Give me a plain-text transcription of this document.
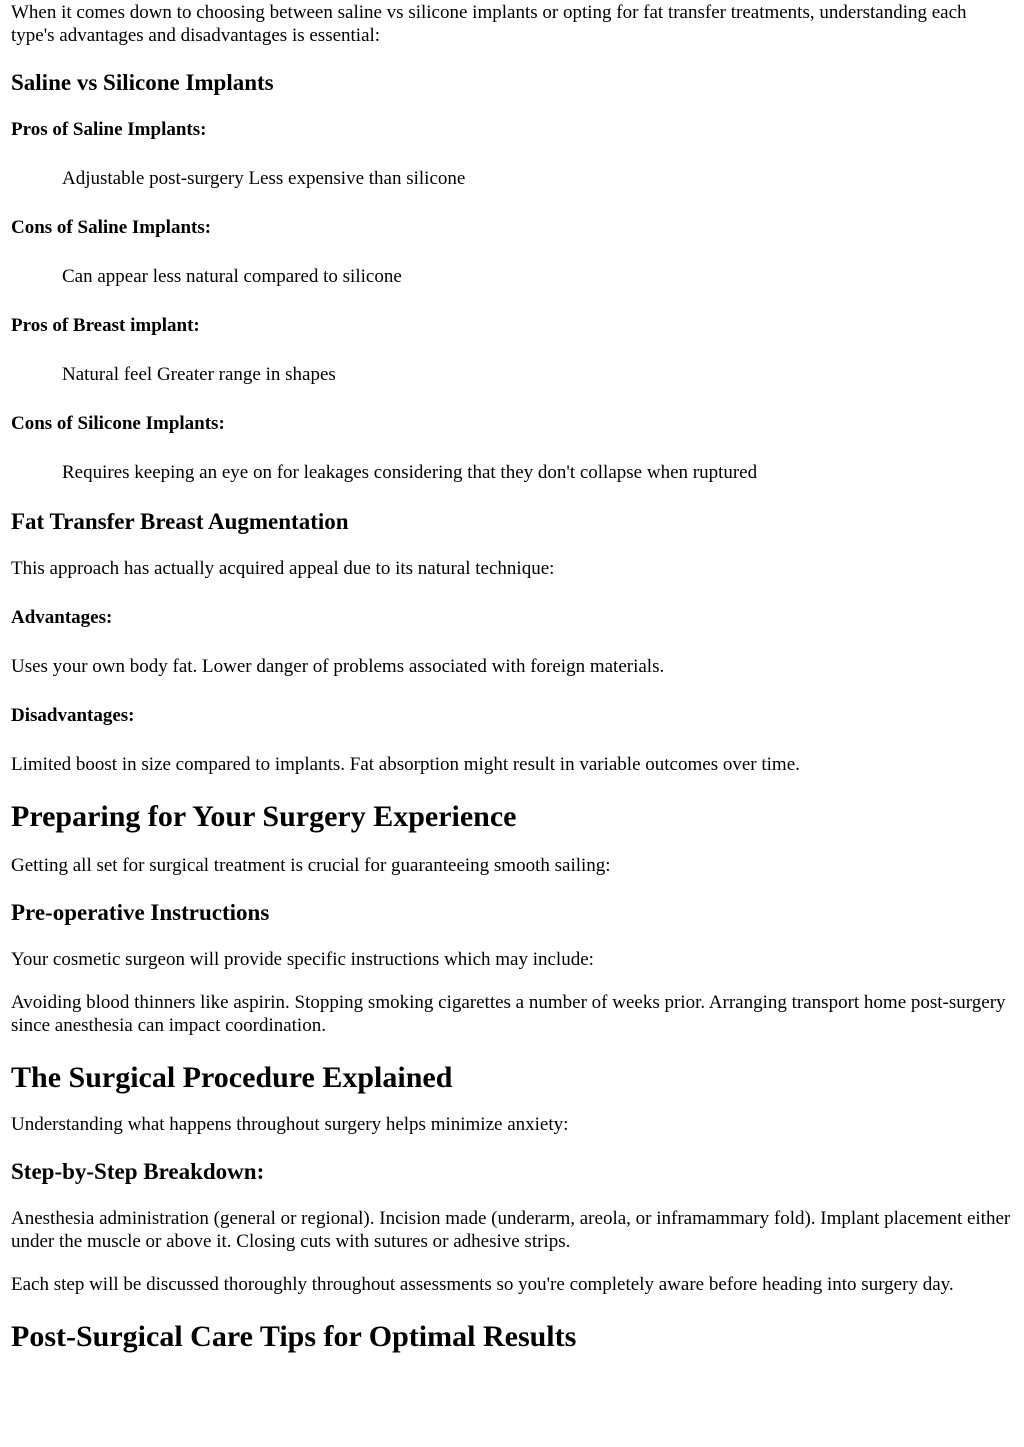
When it comes down to choosing between saline vs silicone implants or opting for fat transfer treatments, understanding each type's advantages and disadvantages is essential:

Saline vs Silicone Implants
Pros of Saline Implants:
Adjustable post-surgery Less expensive than silicone
Cons of Saline Implants:
Can appear less natural compared to silicone
Pros of Breast implant:
Natural feel Greater range in shapes
Cons of Silicone Implants:
Requires keeping an eye on for leakages considering that they don't collapse when ruptured
Fat Transfer Breast Augmentation

This approach has actually acquired appeal due to its natural technique:

Advantages:

Uses your own body fat. Lower danger of problems associated with foreign materials.

Disadvantages:

Limited boost in size compared to implants. Fat absorption might result in variable outcomes over time.

Preparing for Your Surgery Experience

Getting all set for surgical treatment is crucial for guaranteeing smooth sailing:

Pre-operative Instructions

Your cosmetic surgeon will provide specific instructions which may include:

Avoiding blood thinners like aspirin. Stopping smoking cigarettes a number of weeks prior. Arranging transport home post-surgery since anesthesia can impact coordination.

The Surgical Procedure Explained

Understanding what happens throughout surgery helps minimize anxiety:

Step-by-Step Breakdown:

Anesthesia administration (general or regional). Incision made (underarm, areola, or inframammary fold). Implant placement either under the muscle or above it. Closing cuts with sutures or adhesive strips.

Each step will be discussed thoroughly throughout assessments so you're completely aware before heading into surgery day.

Post-Surgical Care Tips for Optimal Results
